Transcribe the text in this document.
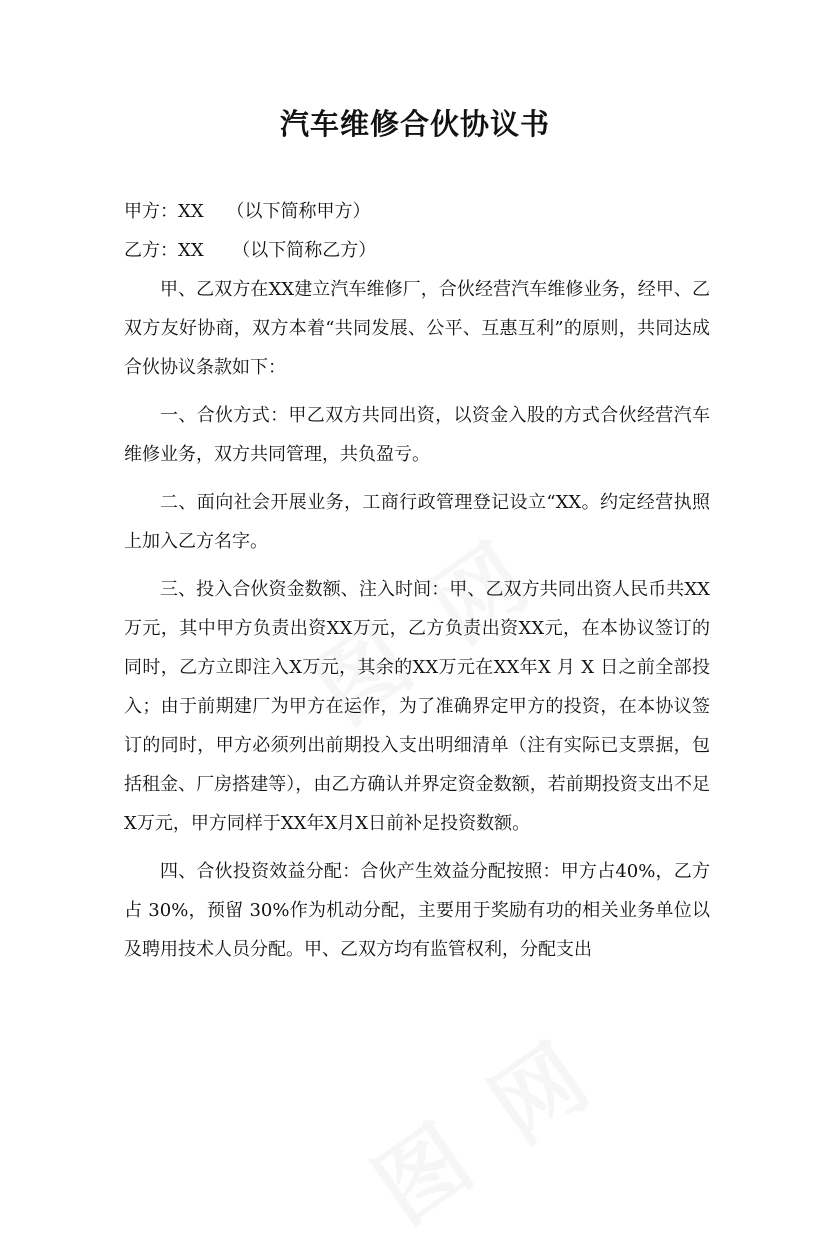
汽车维修合伙协议书

甲方：XX    （以下简称甲方）

乙方：XX     （以下简称乙方）

甲、乙双方在XX建立汽车维修厂，合伙经营汽车维修业务，经甲、乙双方友好协商，双方本着“共同发展、公平、互惠互利”的原则，共同达成合伙协议条款如下：

一、合伙方式：甲乙双方共同出资，以资金入股的方式合伙经营汽车维修业务，双方共同管理，共负盈亏。

二、面向社会开展业务，工商行政管理登记设立“XX。约定经营执照上加入乙方名字。

三、投入合伙资金数额、注入时间：甲、乙双方共同出资人民币共XX万元，其中甲方负责出资XX万元，乙方负责出资XX元，在本协议签订的同时，乙方立即注入X万元，其余的XX万元在XX年X 月 X 日之前全部投入；由于前期建厂为甲方在运作，为了准确界定甲方的投资，在本协议签订的同时，甲方必须列出前期投入支出明细清单（注有实际已支票据，包括租金、厂房搭建等），由乙方确认并界定资金数额，若前期投资支出不足X万元，甲方同样于XX年X月X日前补足投资数额。

四、合伙投资效益分配：合伙产生效益分配按照：甲方占40%，乙方占 30%，预留 30%作为机动分配，主要用于奖励有功的相关业务单位以及聘用技术人员分配。甲、乙双方均有监管权利，分配支出
